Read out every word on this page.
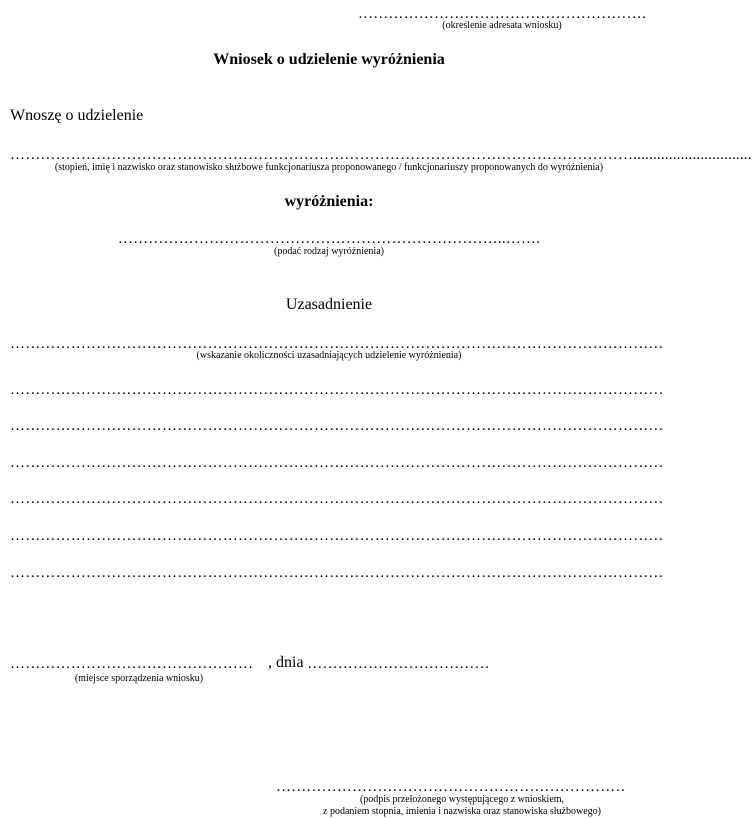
…………………………………………………
(określenie adresata wniosku)
Wniosek o udzielenie wyróżnienia
Wnoszę o udzielenie
……………………………………………………………………………………………………………..............................
(stopień, imię i nazwisko oraz stanowisko służbowe funkcjonariusza proponowanego / funkcjonariuszy proponowanych do wyróżnienia)
wyróżnienia:
…………………………………………………………………..…….
(podać rodzaj wyróżnienia)
Uzasadnienie
…………………………………………………………………………………………………………………
(wskazanie okoliczności uzasadniających udzielenie wyróżnienia)
…………………………………………………………………………………………………………………
…………………………………………………………………………………………………………………
…………………………………………………………………………………………………………………
…………………………………………………………………………………………………………………
…………………………………………………………………………………………………………………
…………………………………………………………………………………………………………………
………………………………………… , dnia ………………………………
(miejsce sporządzenia wniosku)
……………………………………………………………
(podpis przełożonego występującego z wnioskiem,
z podaniem stopnia, imienia i nazwiska oraz stanowiska służbowego)
